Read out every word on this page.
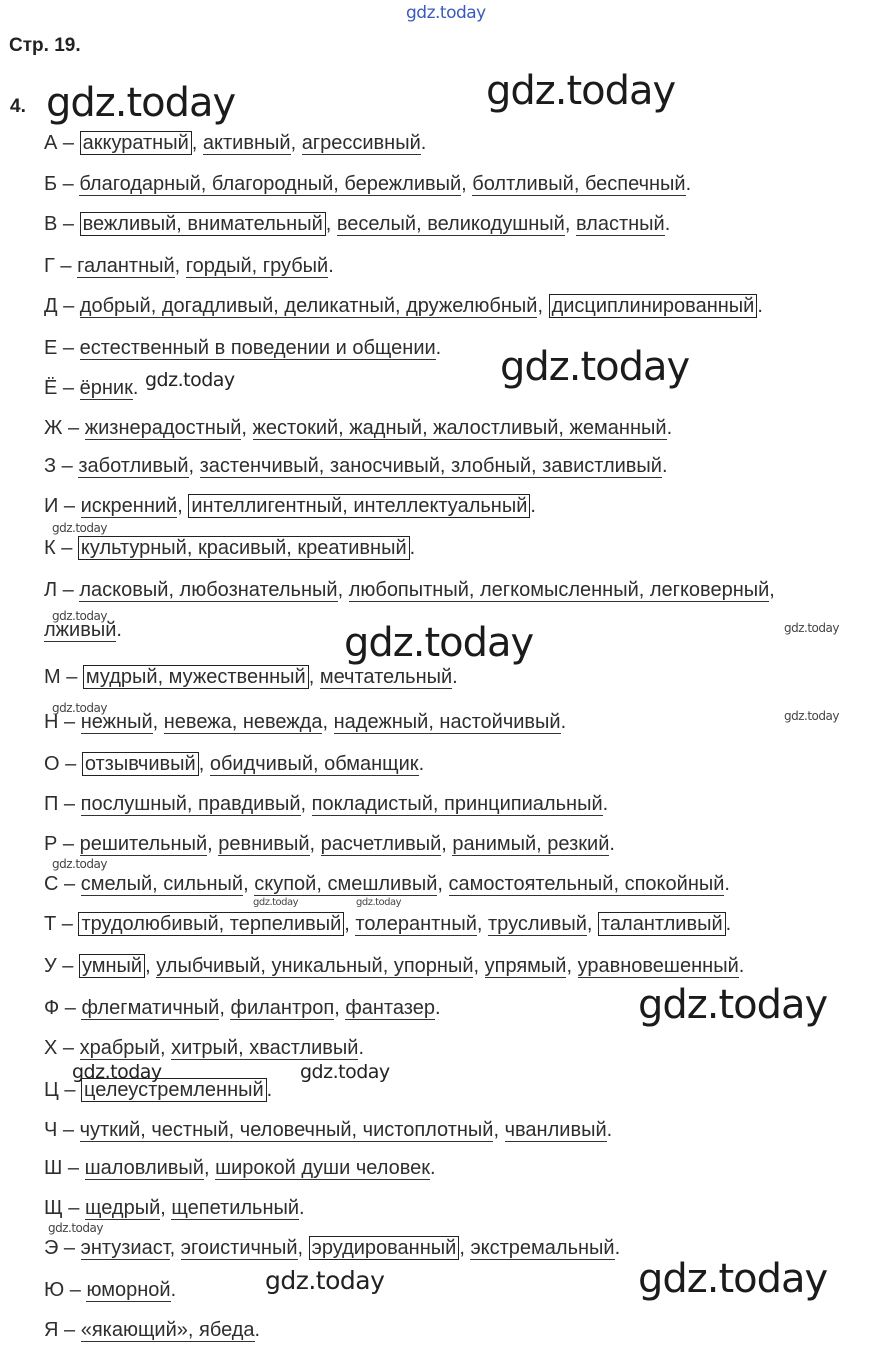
gdz.today
Стр. 19.
4. gdz.today	gdz.today
gdz.today
gdz.today
gdz.today
gdz.today
gdz.today
gdz.today	gdz.today
gdz.today
gdz.today
gdz.today
gdz.today
gdz.today
gdz.today
gdz.today
gdz.today	gdz.today
gdz.today
А – аккуратный , активный, агрессивный.
Б – благодарный, благородный, бережливый, болтливый, беспечный.
В – вежливый, внимательный , веселый, великодушный, властный.
Г – галантный, гордый, грубый.
Д – добрый, догадливый, деликатный, дружелюбный, дисциплинированный .
Е – естественный в поведении и общении.
Ё – ёрник.
Ж – жизнерадостный, жестокий, жадный, жалостливый, жеманный.
З – заботливый, застенчивый, заносчивый, злобный, завистливый.
И – искренний, интеллигентный, интеллектуальный .
К – культурный, красивый, креативный .
Л – ласковый, любознательный, любопытный, легкомысленный, легковерный,
лживый.
М – мудрый, мужественный , мечтательный.
Н – нежный, невежа, невежда, надежный, настойчивый.
О – отзывчивый , обидчивый, обманщик.
П – послушный, правдивый, покладистый, принципиальный.
Р – решительный, ревнивый, расчетливый, ранимый, резкий.
С – смелый, сильный, скупой, смешливый, самостоятельный, спокойный.
Т – трудолюбивый, терпеливый , толерантный, трусливый, талантливый .
У – умный , улыбчивый, уникальный, упорный, упрямый, уравновешенный.
Ф – флегматичный, филантроп, фантазер.
Х – храбрый, хитрый, хвастливый.
Ц – целеустремленный .
Ч – чуткий, честный, человечный, чистоплотный, чванливый.
Ш – шаловливый, широкой души человек.
Щ – щедрый, щепетильный.
Э – энтузиаст, эгоистичный, эрудированный , экстремальный.
Ю – юморной.
Я – «якающий», ябеда.
